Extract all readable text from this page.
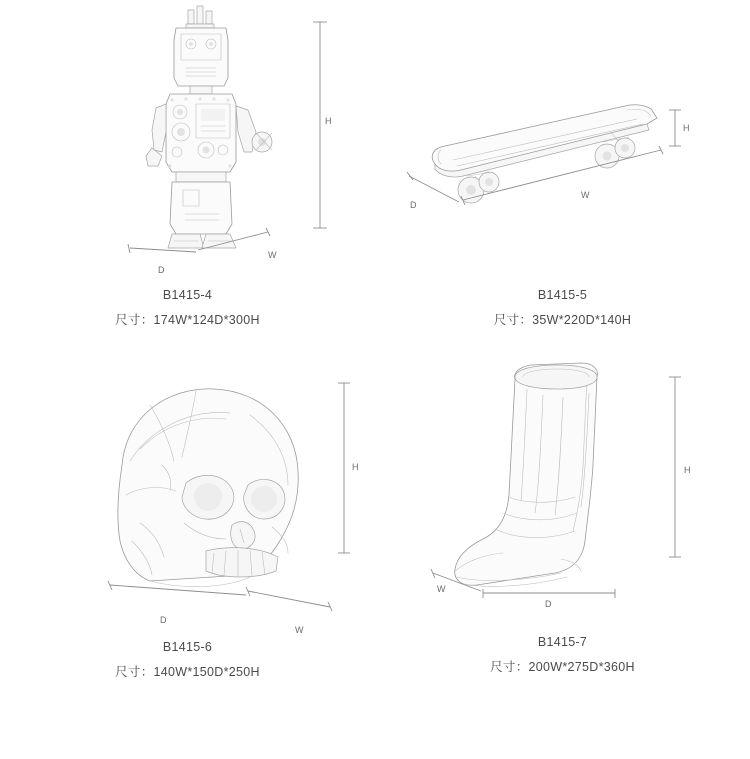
H
W
D
B1415-4
尺寸：174W*124D*300H
H
W
D
B1415-5
尺寸：35W*220D*140H
H
W
D
B1415-6
尺寸：140W*150D*250H
H
D
W
B1415-7
尺寸：200W*275D*360H
